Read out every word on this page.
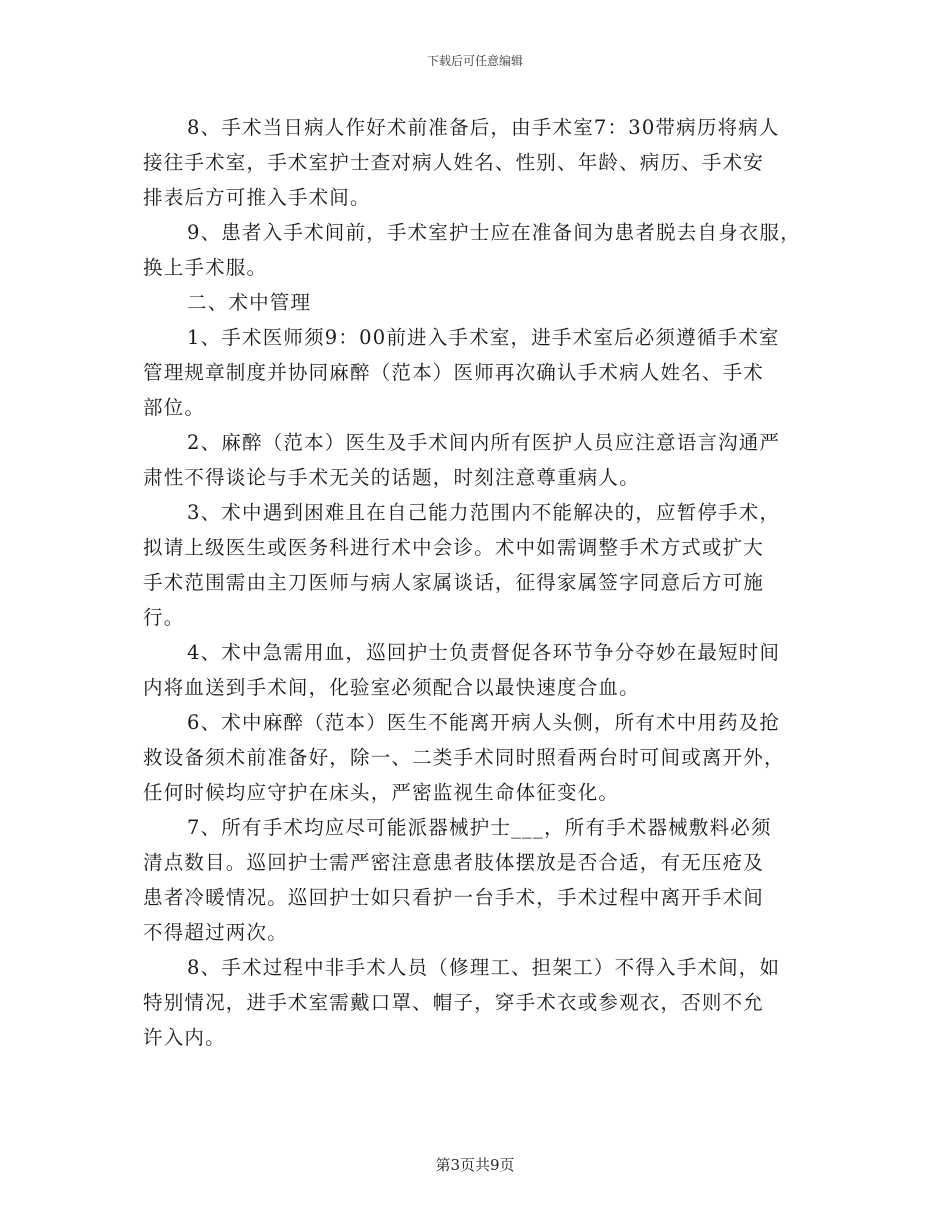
下载后可任意编辑
8、手术当日病人作好术前准备后，由手术室7：30带病历将病人
接往手术室，手术室护士查对病人姓名、性别、年龄、病历、手术安
排表后方可推入手术间。
9、患者入手术间前，手术室护士应在准备间为患者脱去自身衣服，
换上手术服。
二、术中管理
1、手术医师须9：00前进入手术室，进手术室后必须遵循手术室
管理规章制度并协同麻醉（范本）医师再次确认手术病人姓名、手术
部位。
2、麻醉（范本）医生及手术间内所有医护人员应注意语言沟通严
肃性不得谈论与手术无关的话题，时刻注意尊重病人。
3、术中遇到困难且在自己能力范围内不能解决的，应暂停手术，
拟请上级医生或医务科进行术中会诊。术中如需调整手术方式或扩大
手术范围需由主刀医师与病人家属谈话，征得家属签字同意后方可施
行。
4、术中急需用血，巡回护士负责督促各环节争分夺妙在最短时间
内将血送到手术间，化验室必须配合以最快速度合血。
6、术中麻醉（范本）医生不能离开病人头侧，所有术中用药及抢
救设备须术前准备好，除一、二类手术同时照看两台时可间或离开外，
任何时候均应守护在床头，严密监视生命体征变化。
7、所有手术均应尽可能派器械护士___，所有手术器械敷料必须
清点数目。巡回护士需严密注意患者肢体摆放是否合适，有无压疮及
患者冷暖情况。巡回护士如只看护一台手术，手术过程中离开手术间
不得超过两次。
8、手术过程中非手术人员（修理工、担架工）不得入手术间，如
特别情况，进手术室需戴口罩、帽子，穿手术衣或参观衣，否则不允
许入内。
第3页共9页
